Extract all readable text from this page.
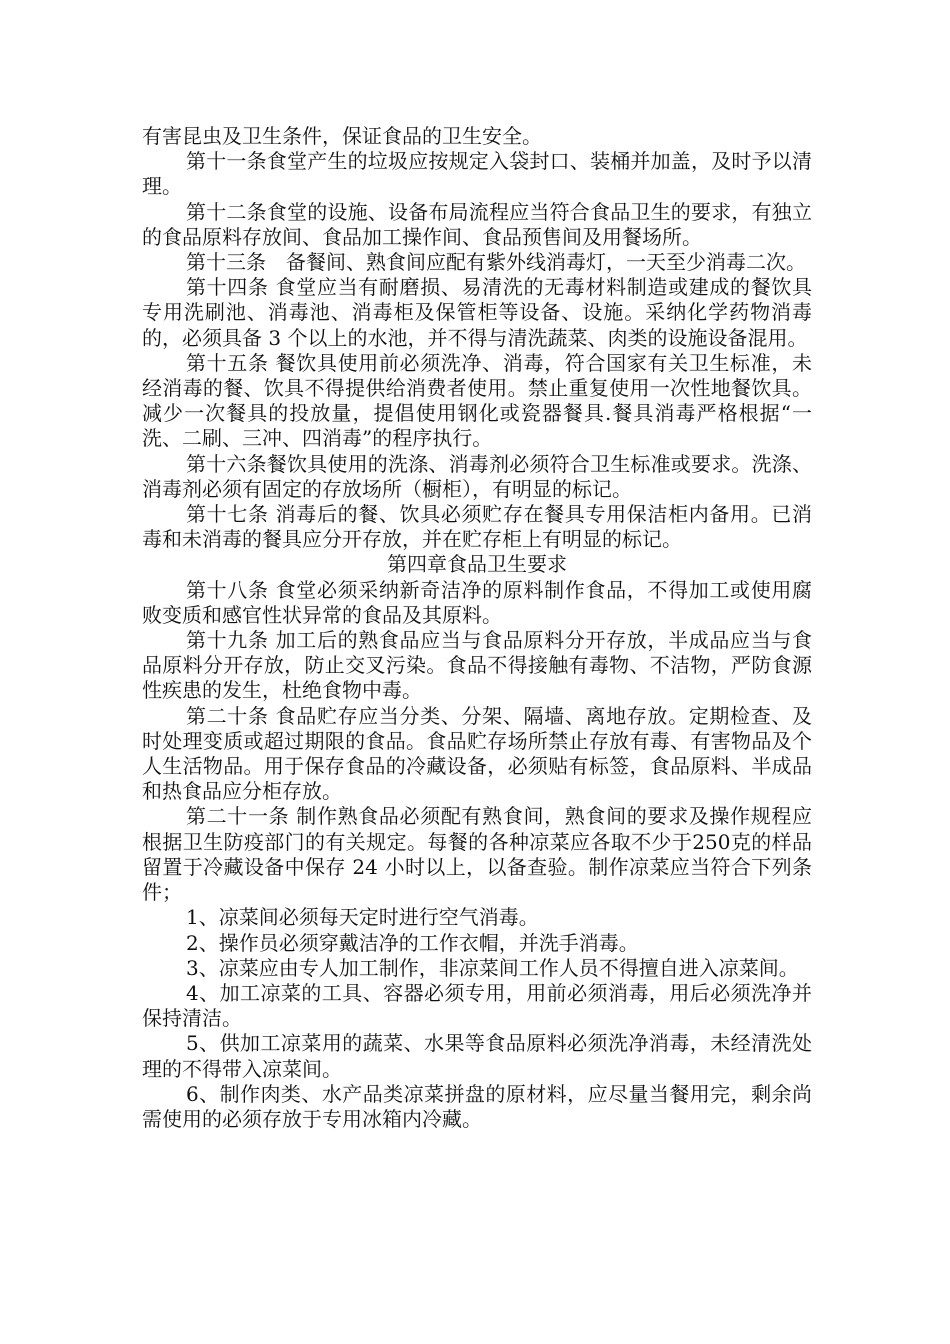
有害昆虫及卫生条件，保证食品的卫生安全。

第十一条食堂产生的垃圾应按规定入袋封口、装桶并加盖，及时予以清理。

第十二条食堂的设施、设备布局流程应当符合食品卫生的要求，有独立的食品原料存放间、食品加工操作间、食品预售间及用餐场所。

第十三条　备餐间、熟食间应配有紫外线消毒灯，一天至少消毒二次。

第十四条 食堂应当有耐磨损、易清洗的无毒材料制造或建成的餐饮具专用洗刷池、消毒池、消毒柜及保管柜等设备、设施。采纳化学药物消毒的，必须具备 3 个以上的水池，并不得与清洗蔬菜、肉类的设施设备混用。

第十五条 餐饮具使用前必须洗净、消毒，符合国家有关卫生标准，未经消毒的餐、饮具不得提供给消费者使用。禁止重复使用一次性地餐饮具。减少一次餐具的投放量，提倡使用钢化或瓷器餐具.餐具消毒严格根据“一洗、二刷、三冲、四消毒”的程序执行。

第十六条餐饮具使用的洗涤、消毒剂必须符合卫生标准或要求。洗涤、消毒剂必须有固定的存放场所（橱柜），有明显的标记。

第十七条 消毒后的餐、饮具必须贮存在餐具专用保洁柜内备用。已消毒和未消毒的餐具应分开存放，并在贮存柜上有明显的标记。

第四章食品卫生要求

第十八条 食堂必须采纳新奇洁净的原料制作食品，不得加工或使用腐败变质和感官性状异常的食品及其原料。

第十九条 加工后的熟食品应当与食品原料分开存放，半成品应当与食品原料分开存放，防止交叉污染。食品不得接触有毒物、不洁物，严防食源性疾患的发生，杜绝食物中毒。

第二十条 食品贮存应当分类、分架、隔墙、离地存放。定期检查、及时处理变质或超过期限的食品。食品贮存场所禁止存放有毒、有害物品及个人生活物品。用于保存食品的冷藏设备，必须贴有标签，食品原料、半成品和热食品应分柜存放。

第二十一条 制作熟食品必须配有熟食间，熟食间的要求及操作规程应根据卫生防疫部门的有关规定。每餐的各种凉菜应各取不少于250克的样品留置于冷藏设备中保存 24 小时以上，以备查验。制作凉菜应当符合下列条件；

1、凉菜间必须每天定时进行空气消毒。

2、操作员必须穿戴洁净的工作衣帽，并洗手消毒。

3、凉菜应由专人加工制作，非凉菜间工作人员不得擅自进入凉菜间。

4、加工凉菜的工具、容器必须专用，用前必须消毒，用后必须洗净并保持清洁。

5、供加工凉菜用的蔬菜、水果等食品原料必须洗净消毒，未经清洗处理的不得带入凉菜间。

6、制作肉类、水产品类凉菜拼盘的原材料，应尽量当餐用完，剩余尚需使用的必须存放于专用冰箱内冷藏。
